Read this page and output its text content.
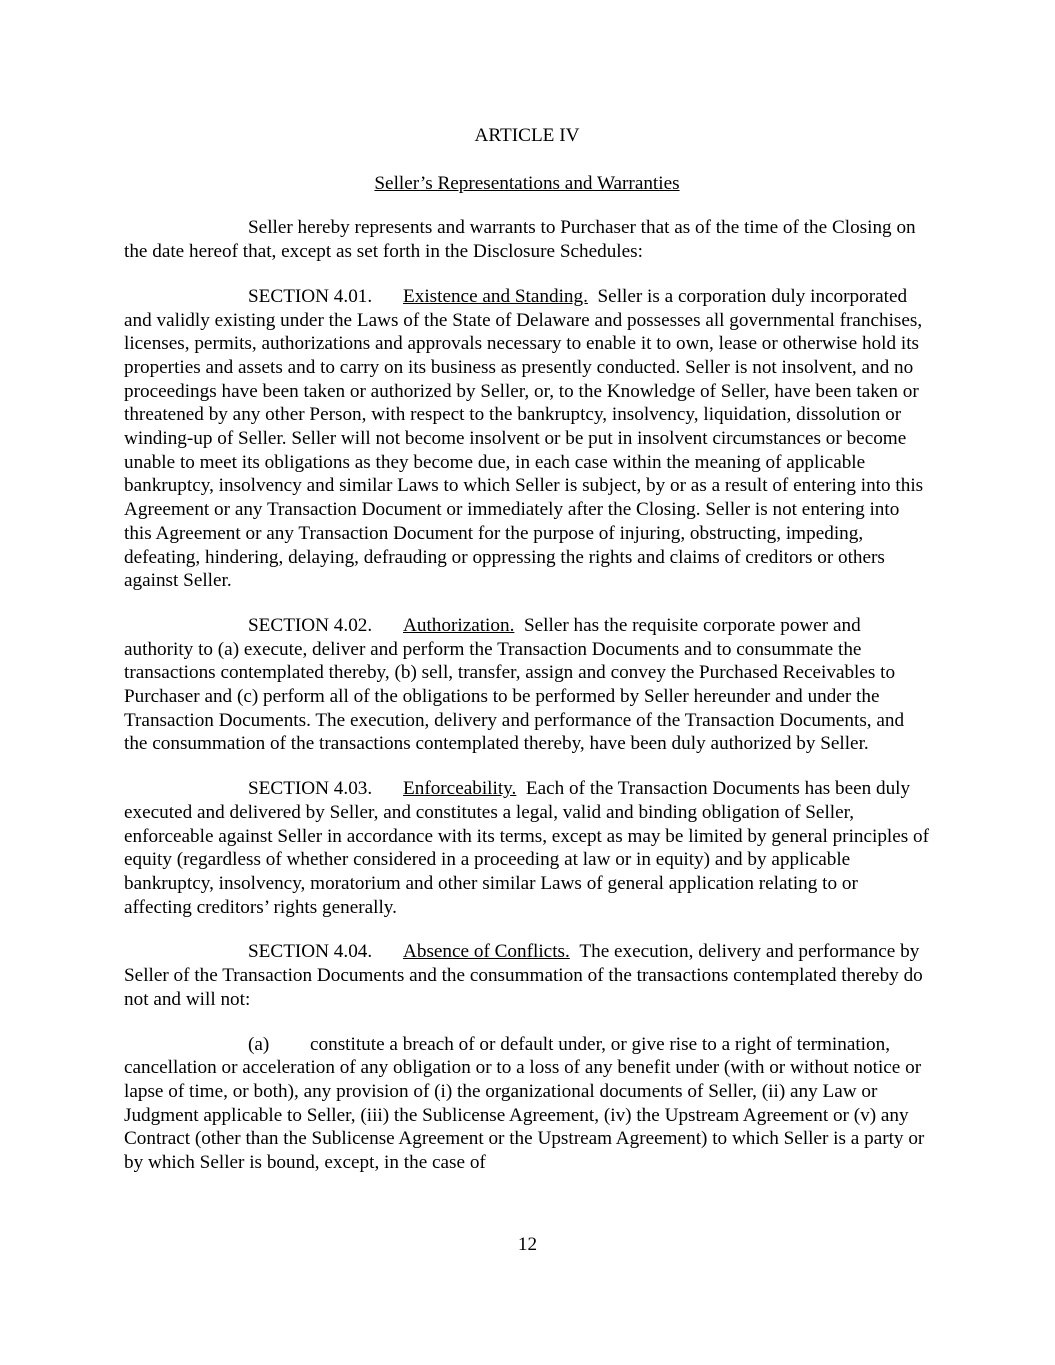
ARTICLE IV

Seller’s Representations and Warranties

Seller hereby represents and warrants to Purchaser that as of the time of the Closing on the date hereof that, except as set forth in the Disclosure Schedules:

SECTION 4.01. Existence and Standing. Seller is a corporation duly incorporated and validly existing under the Laws of the State of Delaware and possesses all governmental franchises, licenses, permits, authorizations and approvals necessary to enable it to own, lease or otherwise hold its properties and assets and to carry on its business as presently conducted. Seller is not insolvent, and no proceedings have been taken or authorized by Seller, or, to the Knowledge of Seller, have been taken or threatened by any other Person, with respect to the bankruptcy, insolvency, liquidation, dissolution or winding-up of Seller. Seller will not become insolvent or be put in insolvent circumstances or become unable to meet its obligations as they become due, in each case within the meaning of applicable bankruptcy, insolvency and similar Laws to which Seller is subject, by or as a result of entering into this Agreement or any Transaction Document or immediately after the Closing. Seller is not entering into this Agreement or any Transaction Document for the purpose of injuring, obstructing, impeding, defeating, hindering, delaying, defrauding or oppressing the rights and claims of creditors or others against Seller.

SECTION 4.02. Authorization. Seller has the requisite corporate power and authority to (a) execute, deliver and perform the Transaction Documents and to consummate the transactions contemplated thereby, (b) sell, transfer, assign and convey the Purchased Receivables to Purchaser and (c) perform all of the obligations to be performed by Seller hereunder and under the Transaction Documents. The execution, delivery and performance of the Transaction Documents, and the consummation of the transactions contemplated thereby, have been duly authorized by Seller.

SECTION 4.03. Enforceability. Each of the Transaction Documents has been duly executed and delivered by Seller, and constitutes a legal, valid and binding obligation of Seller, enforceable against Seller in accordance with its terms, except as may be limited by general principles of equity (regardless of whether considered in a proceeding at law or in equity) and by applicable bankruptcy, insolvency, moratorium and other similar Laws of general application relating to or affecting creditors’ rights generally.

SECTION 4.04. Absence of Conflicts. The execution, delivery and performance by Seller of the Transaction Documents and the consummation of the transactions contemplated thereby do not and will not:

(a) constitute a breach of or default under, or give rise to a right of termination, cancellation or acceleration of any obligation or to a loss of any benefit under (with or without notice or lapse of time, or both), any provision of (i) the organizational documents of Seller, (ii) any Law or Judgment applicable to Seller, (iii) the Sublicense Agreement, (iv) the Upstream Agreement or (v) any Contract (other than the Sublicense Agreement or the Upstream Agreement) to which Seller is a party or by which Seller is bound, except, in the case of

12
